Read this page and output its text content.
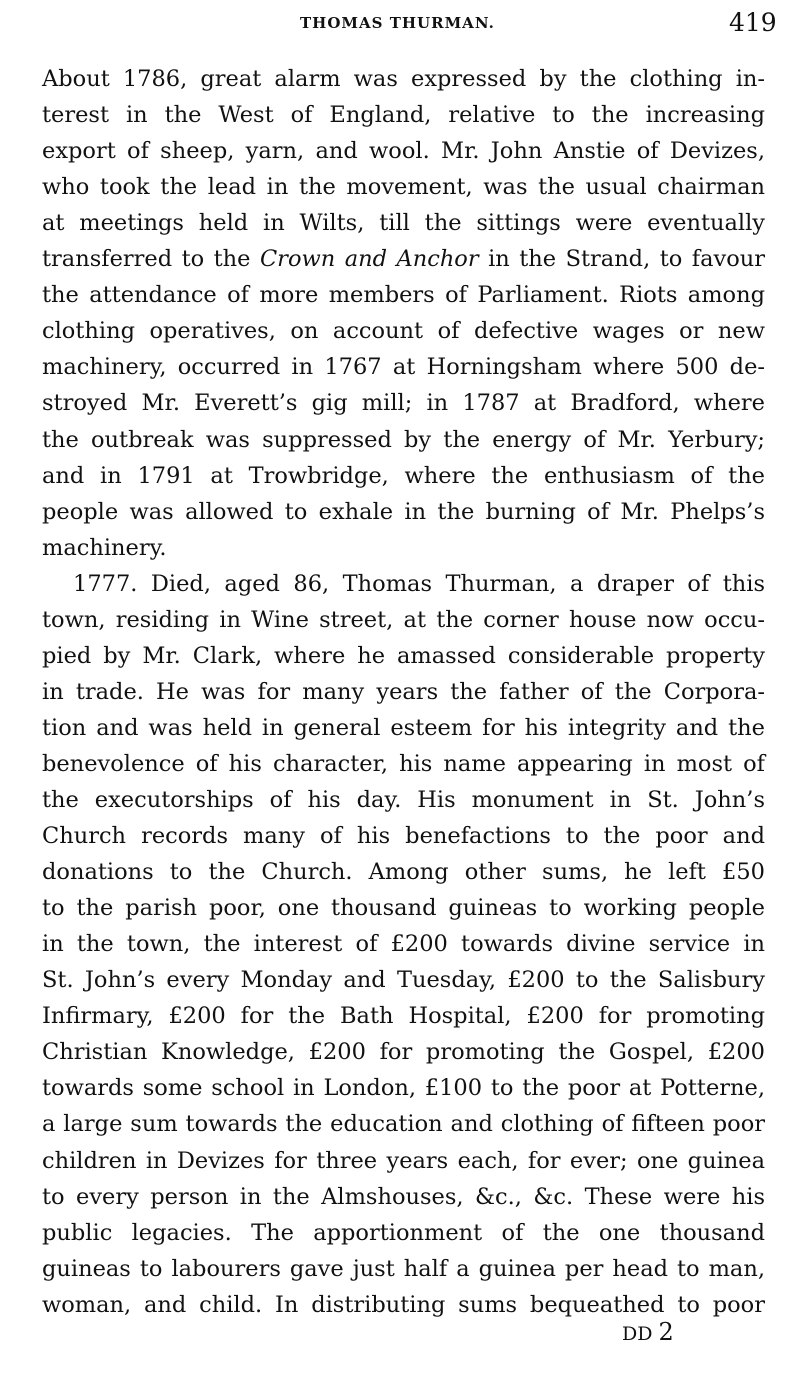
THOMAS THURMAN.	419
About 1786, great alarm was expressed by the clothing in-
terest in the West of England, relative to the increasing
export of sheep, yarn, and wool. Mr. John Anstie of Devizes,
who took the lead in the movement, was the usual chairman
at meetings held in Wilts, till the sittings were eventually
transferred to the Crown and Anchor in the Strand, to favour
the attendance of more members of Parliament. Riots among
clothing operatives, on account of defective wages or new
machinery, occurred in 1767 at Horningsham where 500 de-
stroyed Mr. Everett’s gig mill; in 1787 at Bradford, where
the outbreak was suppressed by the energy of Mr. Yerbury;
and in 1791 at Trowbridge, where the enthusiasm of the
people was allowed to exhale in the burning of Mr. Phelps’s
machinery.
1777. Died, aged 86, Thomas Thurman, a draper of this
town, residing in Wine street, at the corner house now occu-
pied by Mr. Clark, where he amassed considerable property
in trade. He was for many years the father of the Corpora-
tion and was held in general esteem for his integrity and the
benevolence of his character, his name appearing in most of
the executorships of his day. His monument in St. John’s
Church records many of his benefactions to the poor and
donations to the Church. Among other sums, he left £50
to the parish poor, one thousand guineas to working people
in the town, the interest of £200 towards divine service in
St. John’s every Monday and Tuesday, £200 to the Salisbury
Infirmary, £200 for the Bath Hospital, £200 for promoting
Christian Knowledge, £200 for promoting the Gospel, £200
towards some school in London, £100 to the poor at Potterne,
a large sum towards the education and clothing of fifteen poor
children in Devizes for three years each, for ever; one guinea
to every person in the Almshouses, &c., &c. These were his
public legacies. The apportionment of the one thousand
guineas to labourers gave just half a guinea per head to man,
woman, and child. In distributing sums bequeathed to poor
DD 2
